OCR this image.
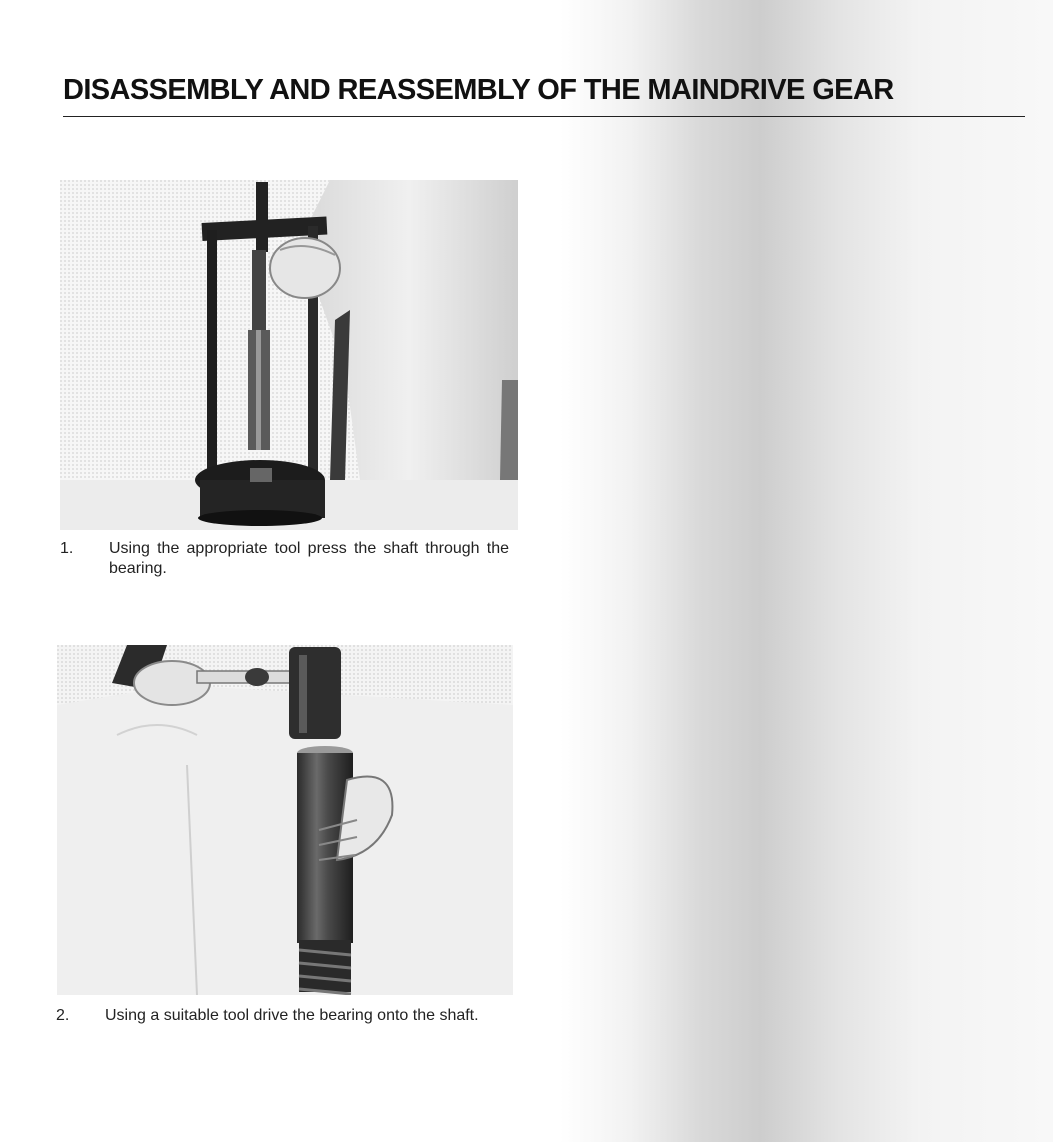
DISASSEMBLY AND REASSEMBLY OF THE MAINDRIVE GEAR
1. Using the appropriate tool press the shaft through the bearing.
2. Using a suitable tool drive the bearing onto the shaft.
